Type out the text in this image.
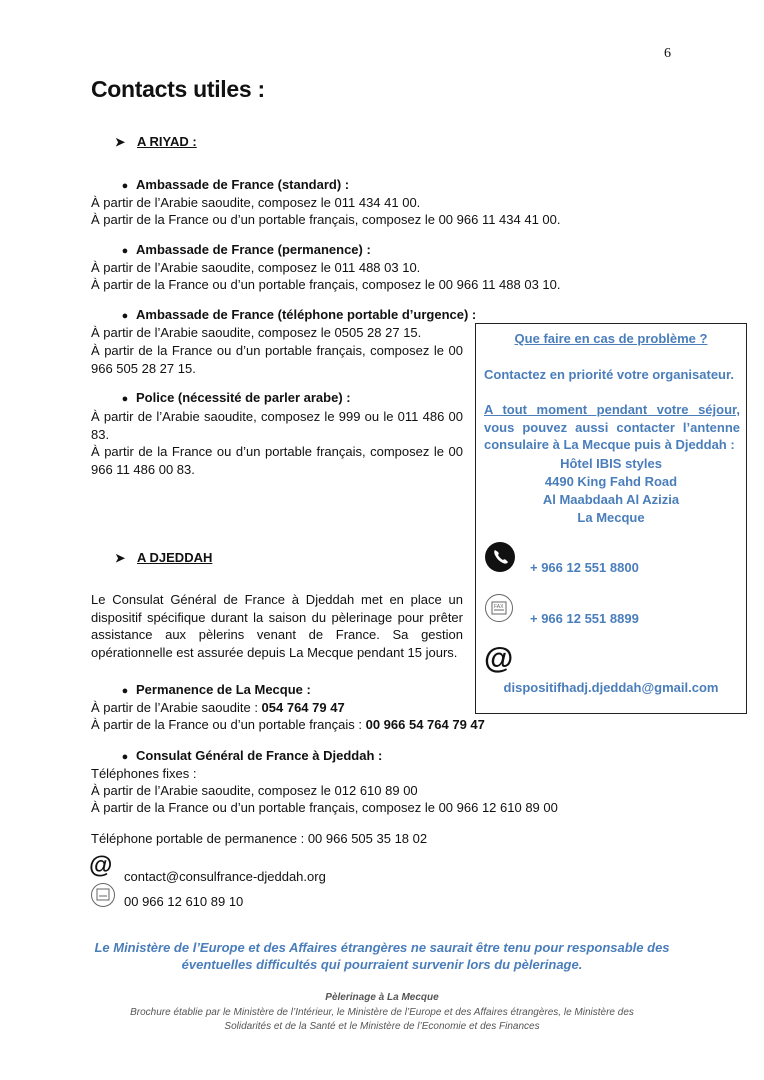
6
Contacts utiles :
➤ A RIYAD :
● Ambassade de France (standard) :
À partir de l’Arabie saoudite, composez le 011 434 41 00.
À partir de la France ou d’un portable français, composez le 00 966 11 434 41 00.
● Ambassade de France (permanence) :
À partir de l’Arabie saoudite, composez le 011 488 03 10.
À partir de la France ou d’un portable français, composez le 00 966 11 488 03 10.
● Ambassade de France (téléphone portable d’urgence) :
À partir de l’Arabie saoudite, composez le 0505 28 27 15.
À partir de la France ou d’un portable français, composez le 00 966 505 28 27 15.
● Police (nécessité de parler arabe) :
À partir de l’Arabie saoudite, composez le 999 ou le 011 486 00 83.
À partir de la France ou d’un portable français, composez le 00 966 11 486 00 83.
➤ A DJEDDAH
Le Consulat Général de France à Djeddah met en place un dispositif spécifique durant la saison du pèlerinage pour prêter assistance aux pèlerins venant de France. Sa gestion opérationnelle est assurée depuis La Mecque pendant 15 jours.
● Permanence de La Mecque :
À partir de l’Arabie saoudite : 054 764 79 47
À partir de la France ou d’un portable français : 00 966 54 764 79 47
● Consulat Général de France à Djeddah :
Téléphones fixes :
À partir de l’Arabie saoudite, composez le 012 610 89 00
À partir de la France ou d’un portable français, composez le 00 966 12 610 89 00
Téléphone portable de permanence : 00 966 505 35 18 02
@ contact@consulfrance-djeddah.org
00 966 12 610 89 10
Que faire en cas de problème ?
Contactez en priorité votre organisateur.
A tout moment pendant votre séjour,
vous pouvez aussi contacter l’antenne consulaire à La Mecque puis à Djeddah :
Hôtel IBIS styles
4490 King Fahd Road
Al Maabdaah Al Azizia
La Mecque
+ 966 12 551 8800
FAX
+ 966 12 551 8899
@
dispositifhadj.djeddah@gmail.com
Le Ministère de l’Europe et des Affaires étrangères ne saurait être tenu pour responsable des
éventuelles difficultés qui pourraient survenir lors du pèlerinage.
Pèlerinage à La Mecque
Brochure établie par le Ministère de l’Intérieur, le Ministère de l’Europe et des Affaires étrangères, le Ministère des
Solidarités et de la Santé et le Ministère de l’Economie et des Finances
